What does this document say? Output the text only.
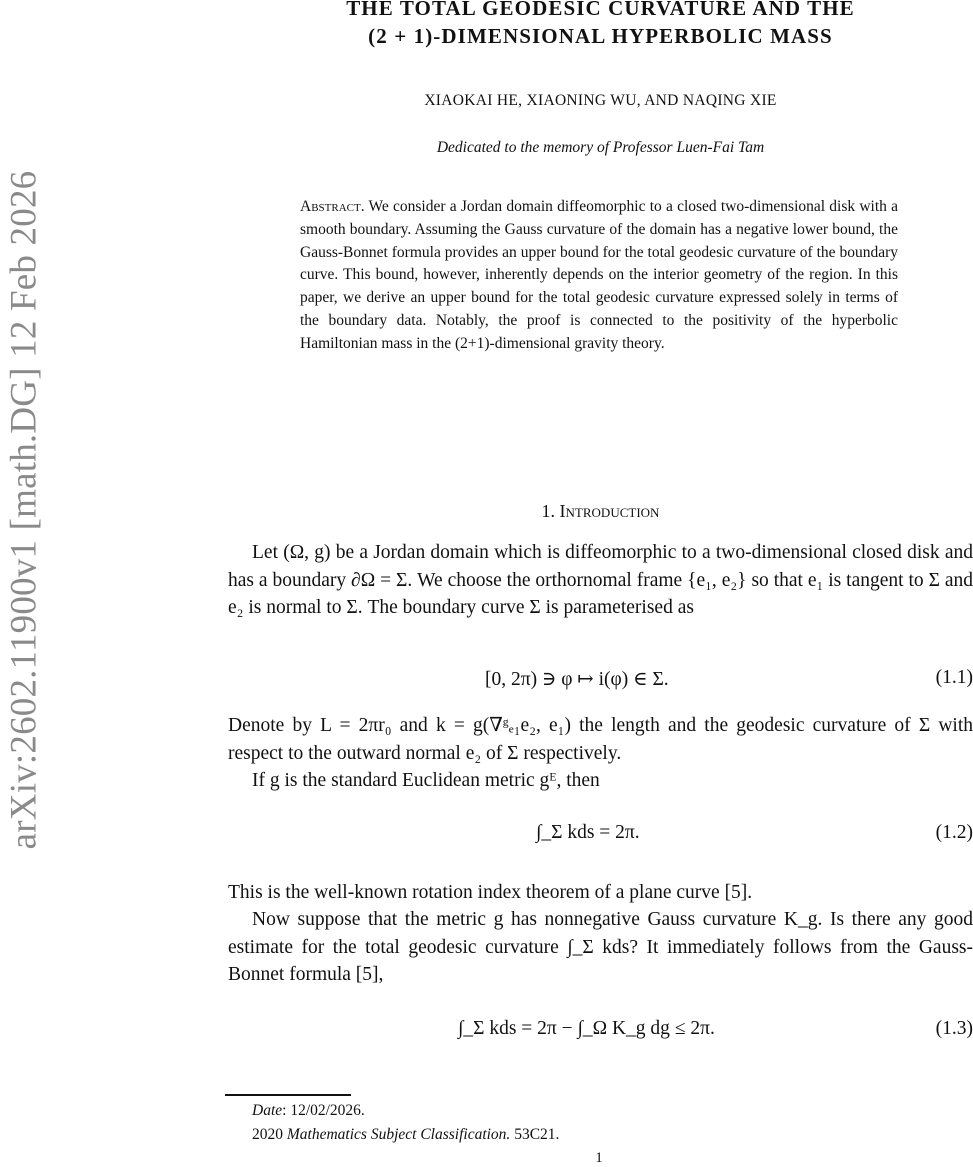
arXiv:2602.11900v1 [math.DG] 12 Feb 2026
THE TOTAL GEODESIC CURVATURE AND THE
(2 + 1)-DIMENSIONAL HYPERBOLIC MASS
XIAOKAI HE, XIAONING WU, AND NAQING XIE
Dedicated to the memory of Professor Luen-Fai Tam
Abstract. We consider a Jordan domain diffeomorphic to a closed two-dimensional disk with a smooth boundary. Assuming the Gauss curvature of the domain has a negative lower bound, the Gauss-Bonnet formula provides an upper bound for the total geodesic curvature of the boundary curve. This bound, however, inherently depends on the interior geometry of the region. In this paper, we derive an upper bound for the total geodesic curvature expressed solely in terms of the boundary data. Notably, the proof is connected to the positivity of the hyperbolic Hamiltonian mass in the (2+1)-dimensional gravity theory.
1. Introduction
Let (Ω, g) be a Jordan domain which is diffeomorphic to a two-dimensional closed disk and has a boundary ∂Ω = Σ. We choose the orthornomal frame {e₁, e₂} so that e₁ is tangent to Σ and e₂ is normal to Σ. The boundary curve Σ is parameterised as
[0, 2π) ∋ φ ↦ i(φ) ∈ Σ.	(1.1)
Denote by L = 2πr₀ and k = g(∇ᵍₑ₁e₂, e₁) the length and the geodesic curvature of Σ with respect to the outward normal e₂ of Σ respectively.
If g is the standard Euclidean metric gᴱ, then
∫_Σ kds = 2π.	(1.2)
This is the well-known rotation index theorem of a plane curve [5].
Now suppose that the metric g has nonnegative Gauss curvature K_g. Is there any good estimate for the total geodesic curvature ∫_Σ kds? It immediately follows from the Gauss-Bonnet formula [5],
∫_Σ kds = 2π − ∫_Ω K_g dg ≤ 2π.	(1.3)
Date: 12/02/2026.
2020 Mathematics Subject Classification. 53C21.
1
